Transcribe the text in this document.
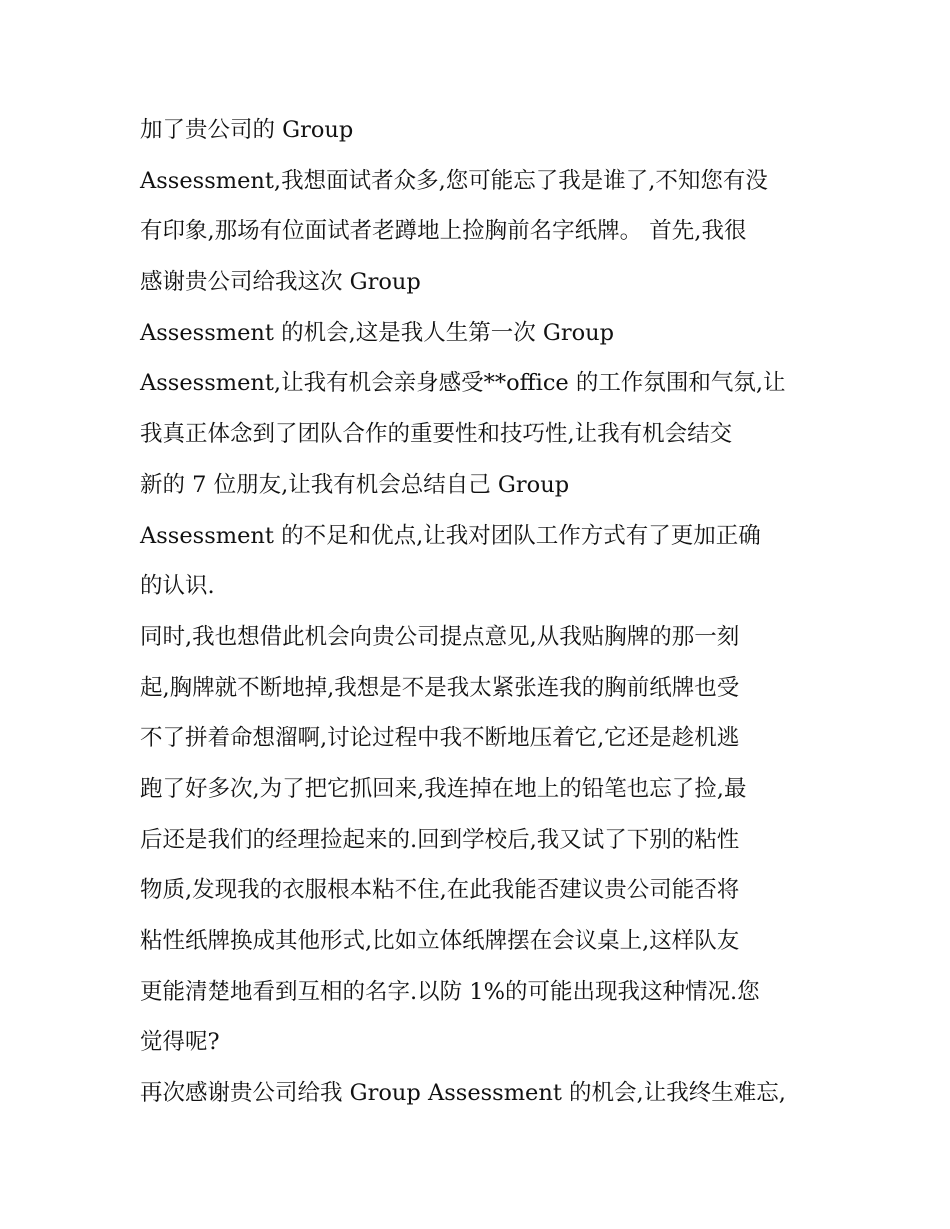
加了贵公司的 Group
Assessment,我想面试者众多,您可能忘了我是谁了,不知您有没
有印象,那场有位面试者老蹲地上捡胸前名字纸牌。 首先,我很
感谢贵公司给我这次 Group
Assessment 的机会,这是我人生第一次 Group
Assessment,让我有机会亲身感受**office 的工作氛围和气氛,让
我真正体念到了团队合作的重要性和技巧性,让我有机会结交
新的 7 位朋友,让我有机会总结自己 Group
Assessment 的不足和优点,让我对团队工作方式有了更加正确
的认识.
同时,我也想借此机会向贵公司提点意见,从我贴胸牌的那一刻
起,胸牌就不断地掉,我想是不是我太紧张连我的胸前纸牌也受
不了拼着命想溜啊,讨论过程中我不断地压着它,它还是趁机逃
跑了好多次,为了把它抓回来,我连掉在地上的铅笔也忘了捡,最
后还是我们的经理捡起来的.回到学校后,我又试了下别的粘性
物质,发现我的衣服根本粘不住,在此我能否建议贵公司能否将
粘性纸牌换成其他形式,比如立体纸牌摆在会议桌上,这样队友
更能清楚地看到互相的名字.以防 1%的可能出现我这种情况.您
觉得呢?
再次感谢贵公司给我 Group Assessment 的机会,让我终生难忘,
